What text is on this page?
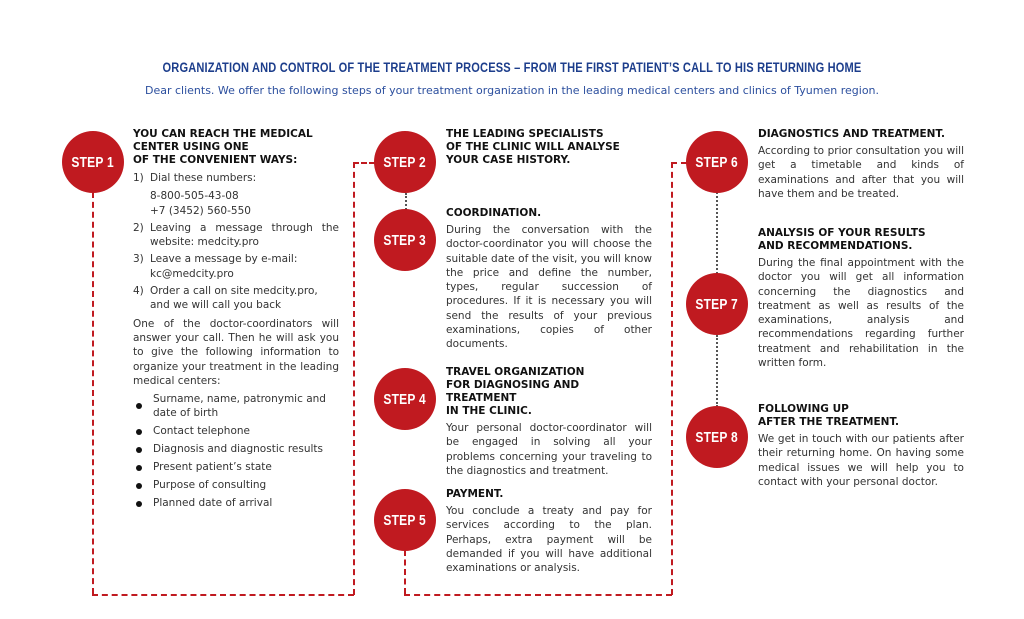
ORGANIZATION AND CONTROL OF THE TREATMENT PROCESS – FROM THE FIRST PATIENT’S CALL TO HIS RETURNING HOME
Dear clients. We offer the following steps of your treatment organization in the leading medical centers and clinics of Tyumen region.
STEP 1	STEP 2
STEP 3
STEP 4
STEP 5
STEP 6
STEP 7
STEP 8
YOU CAN REACH THE MEDICAL
CENTER USING ONE
OF THE CONVENIENT WAYS:
1) Dial these numbers:
8-800-505-43-08
+7 (3452) 560-550
2) Leaving a message through the website: medcity.pro
3) Leave a message by e-mail: kc@medcity.pro
4) Order a call on site medcity.pro, and we will call you back
One of the doctor-coordinators will answer your call. Then he will ask you to give the following information to organize your treatment in the leading medical centers:
Surname, name, patronymic and date of birth
Contact telephone
Diagnosis and diagnostic results
Present patient’s state
Purpose of consulting
Planned date of arrival
THE LEADING SPECIALISTS
OF THE CLINIC WILL ANALYSE
YOUR CASE HISTORY.
COORDINATION.
During the conversation with the doctor-coordinator you will choose the suitable date of the visit, you will know the price and define the number, types, regular succession of procedures. If it is necessary you will send the results of your previous examinations, copies of other documents.
TRAVEL ORGANIZATION
FOR DIAGNOSING AND TREATMENT
IN THE CLINIC.
Your personal doctor-coordinator will be engaged in solving all your problems concerning your traveling to the diagnostics and treatment.
PAYMENT.
You conclude a treaty and pay for services according to the plan. Perhaps, extra payment will be demanded if you will have additional examinations or analysis.
DIAGNOSTICS AND TREATMENT.
According to prior consultation you will get a timetable and kinds of examinations and after that you will have them and be treated.
ANALYSIS OF YOUR RESULTS
AND RECOMMENDATIONS.
During the final appointment with the doctor you will get all information concerning the diagnostics and treatment as well as results of the examinations, analysis and recommendations regarding further treatment and rehabilitation in the written form.
FOLLOWING UP
AFTER THE TREATMENT.
We get in touch with our patients after their returning home. On having some medical issues we will help you to contact with your personal doctor.
